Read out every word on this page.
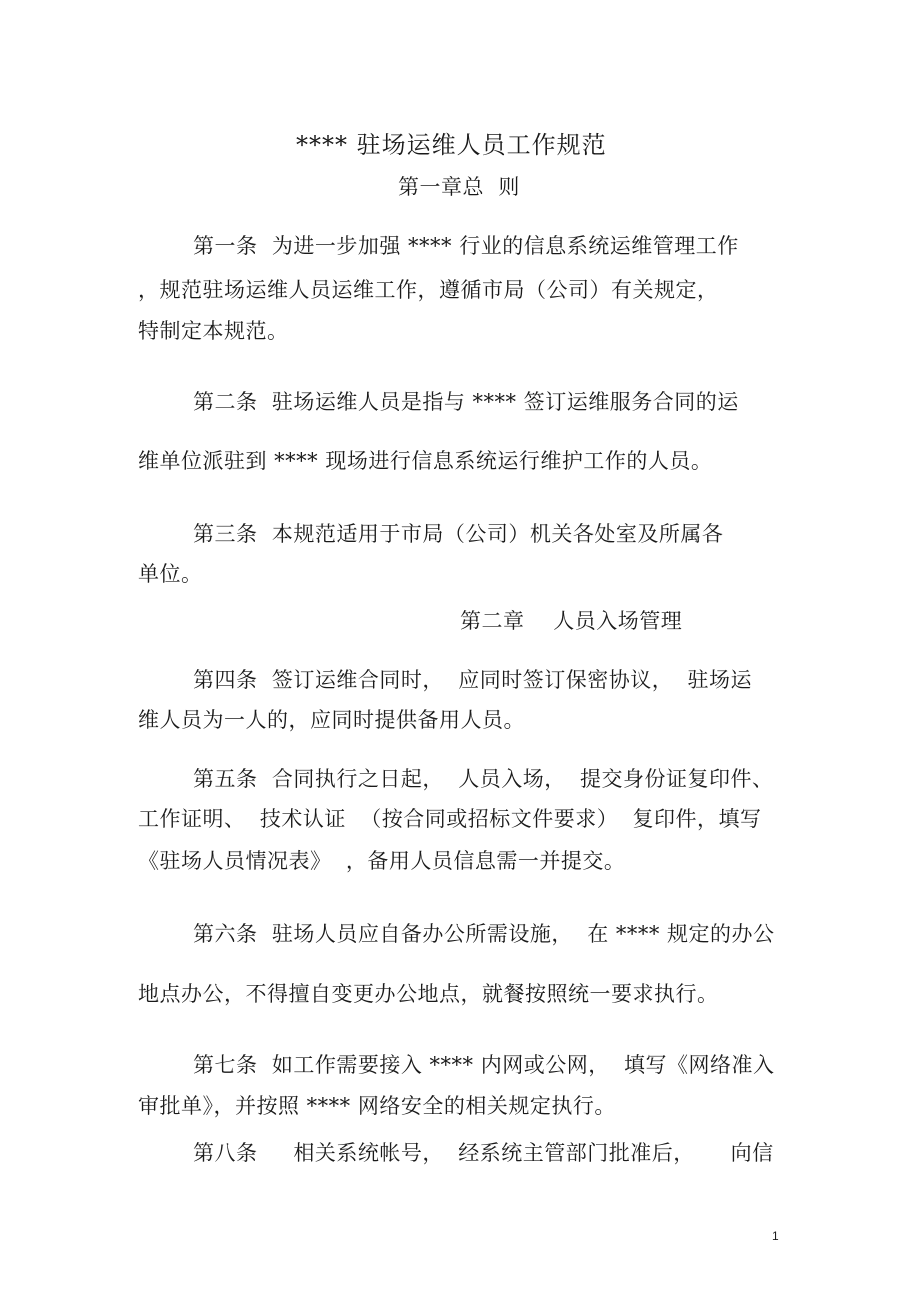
**** 驻场运维人员工作规范

第一章总  则

第一条  为进一步加强 **** 行业的信息系统运维管理工作

，规范驻场运维人员运维工作，遵循市局（公司）有关规定，

特制定本规范。

第二条  驻场运维人员是指与 **** 签订运维服务合同的运

维单位派驻到 **** 现场进行信息系统运行维护工作的人员。

第三条  本规范适用于市局（公司）机关各处室及所属各

单位。

第二章    人员入场管理

第四条  签订运维合同时，  应同时签订保密协议，  驻场运

维人员为一人的，应同时提供备用人员。

第五条  合同执行之日起，  人员入场，  提交身份证复印件、

工作证明、  技术认证  （按合同或招标文件要求）  复印件，填写

《驻场人员情况表》  ，备用人员信息需一并提交。

第六条  驻场人员应自备办公所需设施，  在 **** 规定的办公

地点办公，不得擅自变更办公地点，就餐按照统一要求执行。

第七条  如工作需要接入 **** 内网或公网，  填写《网络准入

审批单》，并按照 **** 网络安全的相关规定执行。

第八条     相关系统帐号，  经系统主管部门批准后，     向信

1
